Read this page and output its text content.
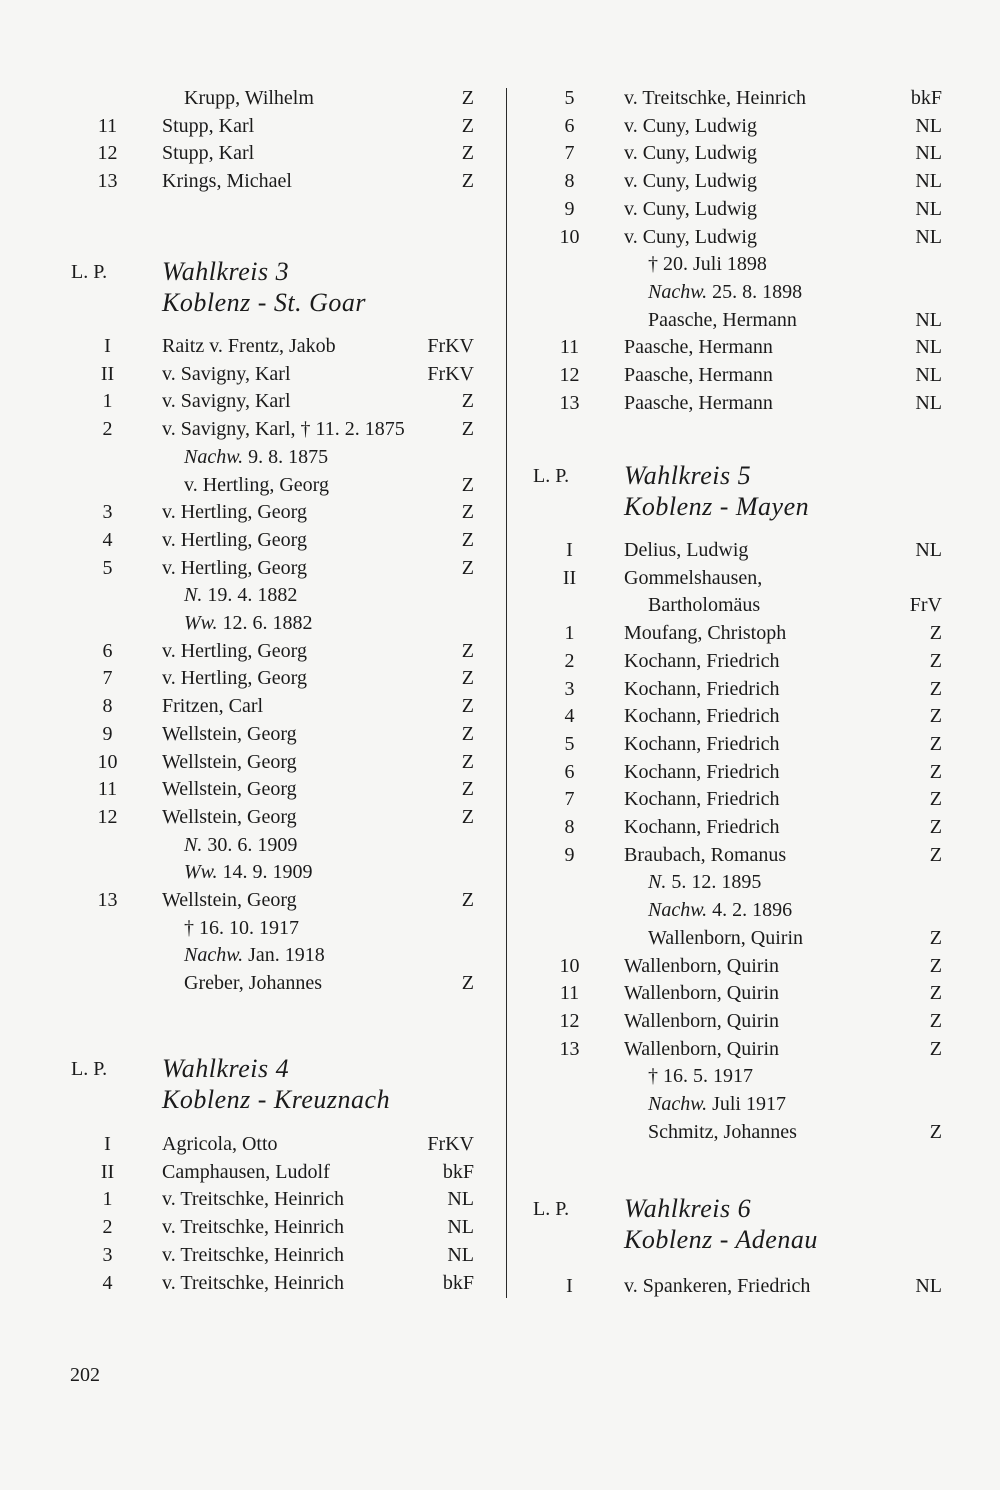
Krupp, Wilhelm	Z
11	Stupp, Karl	Z
12	Stupp, Karl	Z
13	Krings, Michael	Z
L. P. Wahlkreis 3
Koblenz - St. Goar
I	Raitz v. Frentz, Jakob	FrKV
II	v. Savigny, Karl	FrKV
1	v. Savigny, Karl	Z
2	v. Savigny, Karl, † 11. 2. 1875	Z
Nachw. 9. 8. 1875
v. Hertling, Georg	Z
3	v. Hertling, Georg	Z
4	v. Hertling, Georg	Z
5	v. Hertling, Georg	Z
N. 19. 4. 1882
Ww. 12. 6. 1882
6	v. Hertling, Georg	Z
7	v. Hertling, Georg	Z
8	Fritzen, Carl	Z
9	Wellstein, Georg	Z
10	Wellstein, Georg	Z
11	Wellstein, Georg	Z
12	Wellstein, Georg	Z
N. 30. 6. 1909
Ww. 14. 9. 1909
13	Wellstein, Georg	Z
† 16. 10. 1917
Nachw. Jan. 1918
Greber, Johannes	Z
L. P. Wahlkreis 4
Koblenz - Kreuznach
I	Agricola, Otto	FrKV
II	Camphausen, Ludolf	bkF
1	v. Treitschke, Heinrich	NL
2	v. Treitschke, Heinrich	NL
3	v. Treitschke, Heinrich	NL
4	v. Treitschke, Heinrich	bkF
5	v. Treitschke, Heinrich	bkF
6	v. Cuny, Ludwig	NL
7	v. Cuny, Ludwig	NL
8	v. Cuny, Ludwig	NL
9	v. Cuny, Ludwig	NL
10	v. Cuny, Ludwig	NL
† 20. Juli 1898
Nachw. 25. 8. 1898
Paasche, Hermann	NL
11	Paasche, Hermann	NL
12	Paasche, Hermann	NL
13	Paasche, Hermann	NL
L. P. Wahlkreis 5
Koblenz - Mayen
I	Delius, Ludwig	NL
II	Gommelshausen,
Bartholomäus	FrV
1	Moufang, Christoph	Z
2	Kochann, Friedrich	Z
3	Kochann, Friedrich	Z
4	Kochann, Friedrich	Z
5	Kochann, Friedrich	Z
6	Kochann, Friedrich	Z
7	Kochann, Friedrich	Z
8	Kochann, Friedrich	Z
9	Braubach, Romanus	Z
N. 5. 12. 1895
Nachw. 4. 2. 1896
Wallenborn, Quirin	Z
10	Wallenborn, Quirin	Z
11	Wallenborn, Quirin	Z
12	Wallenborn, Quirin	Z
13	Wallenborn, Quirin	Z
† 16. 5. 1917
Nachw. Juli 1917
Schmitz, Johannes	Z
L. P. Wahlkreis 6
Koblenz - Adenau
I	v. Spankeren, Friedrich	NL
202
